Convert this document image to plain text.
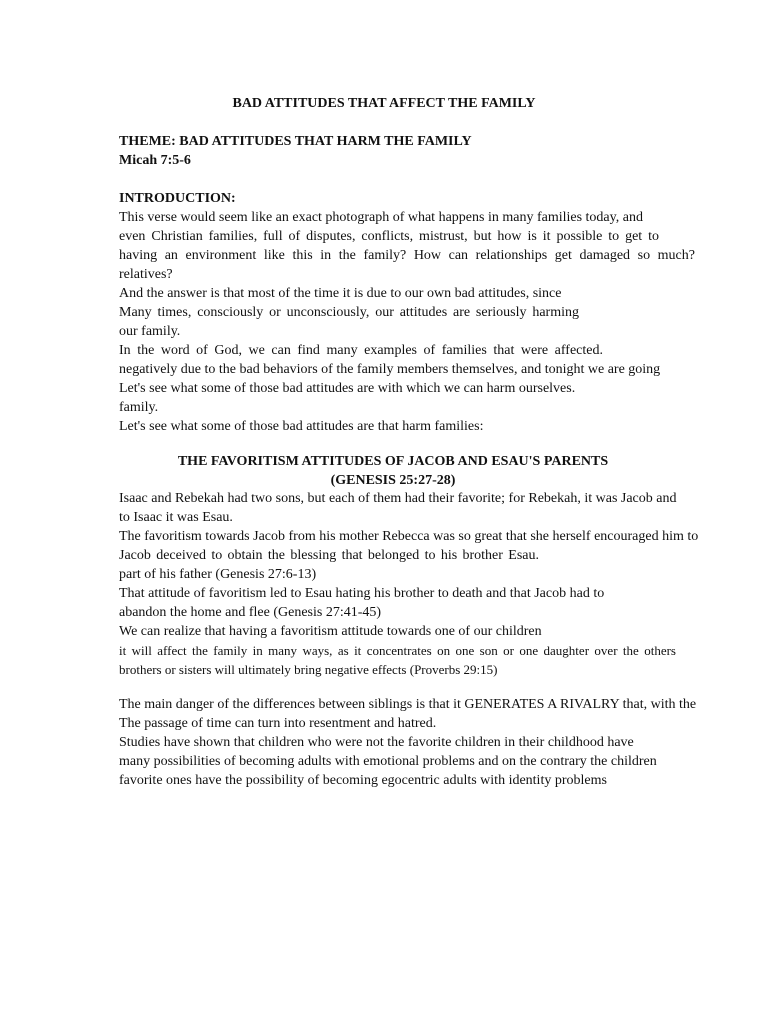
BAD ATTITUDES THAT AFFECT THE FAMILY
THEME: BAD ATTITUDES THAT HARM THE FAMILY
Micah 7:5-6
INTRODUCTION:
This verse would seem like an exact photograph of what happens in many families today, and
even Christian families, full of disputes, conflicts, mistrust, but how is it possible to get to
having an environment like this in the family? How can relationships get damaged so much?
relatives?
And the answer is that most of the time it is due to our own bad attitudes, since
Many times, consciously or unconsciously, our attitudes are seriously harming
our family.
In the word of God, we can find many examples of families that were affected.
negatively due to the bad behaviors of the family members themselves, and tonight we are going
Let's see what some of those bad attitudes are with which we can harm ourselves.
family.
Let's see what some of those bad attitudes are that harm families:
THE FAVORITISM ATTITUDES OF JACOB AND ESAU'S PARENTS
(GENESIS 25:27-28)
Isaac and Rebekah had two sons, but each of them had their favorite; for Rebekah, it was Jacob and
to Isaac it was Esau.
The favoritism towards Jacob from his mother Rebecca was so great that she herself encouraged him to
Jacob deceived to obtain the blessing that belonged to his brother Esau.
part of his father (Genesis 27:6-13)
That attitude of favoritism led to Esau hating his brother to death and that Jacob had to
abandon the home and flee (Genesis 27:41-45)
We can realize that having a favoritism attitude towards one of our children
it will affect the family in many ways, as it concentrates on one son or one daughter over the others
brothers or sisters will ultimately bring negative effects (Proverbs 29:15)
The main danger of the differences between siblings is that it GENERATES A RIVALRY that, with the
The passage of time can turn into resentment and hatred.
Studies have shown that children who were not the favorite children in their childhood have
many possibilities of becoming adults with emotional problems and on the contrary the children
favorite ones have the possibility of becoming egocentric adults with identity problems
